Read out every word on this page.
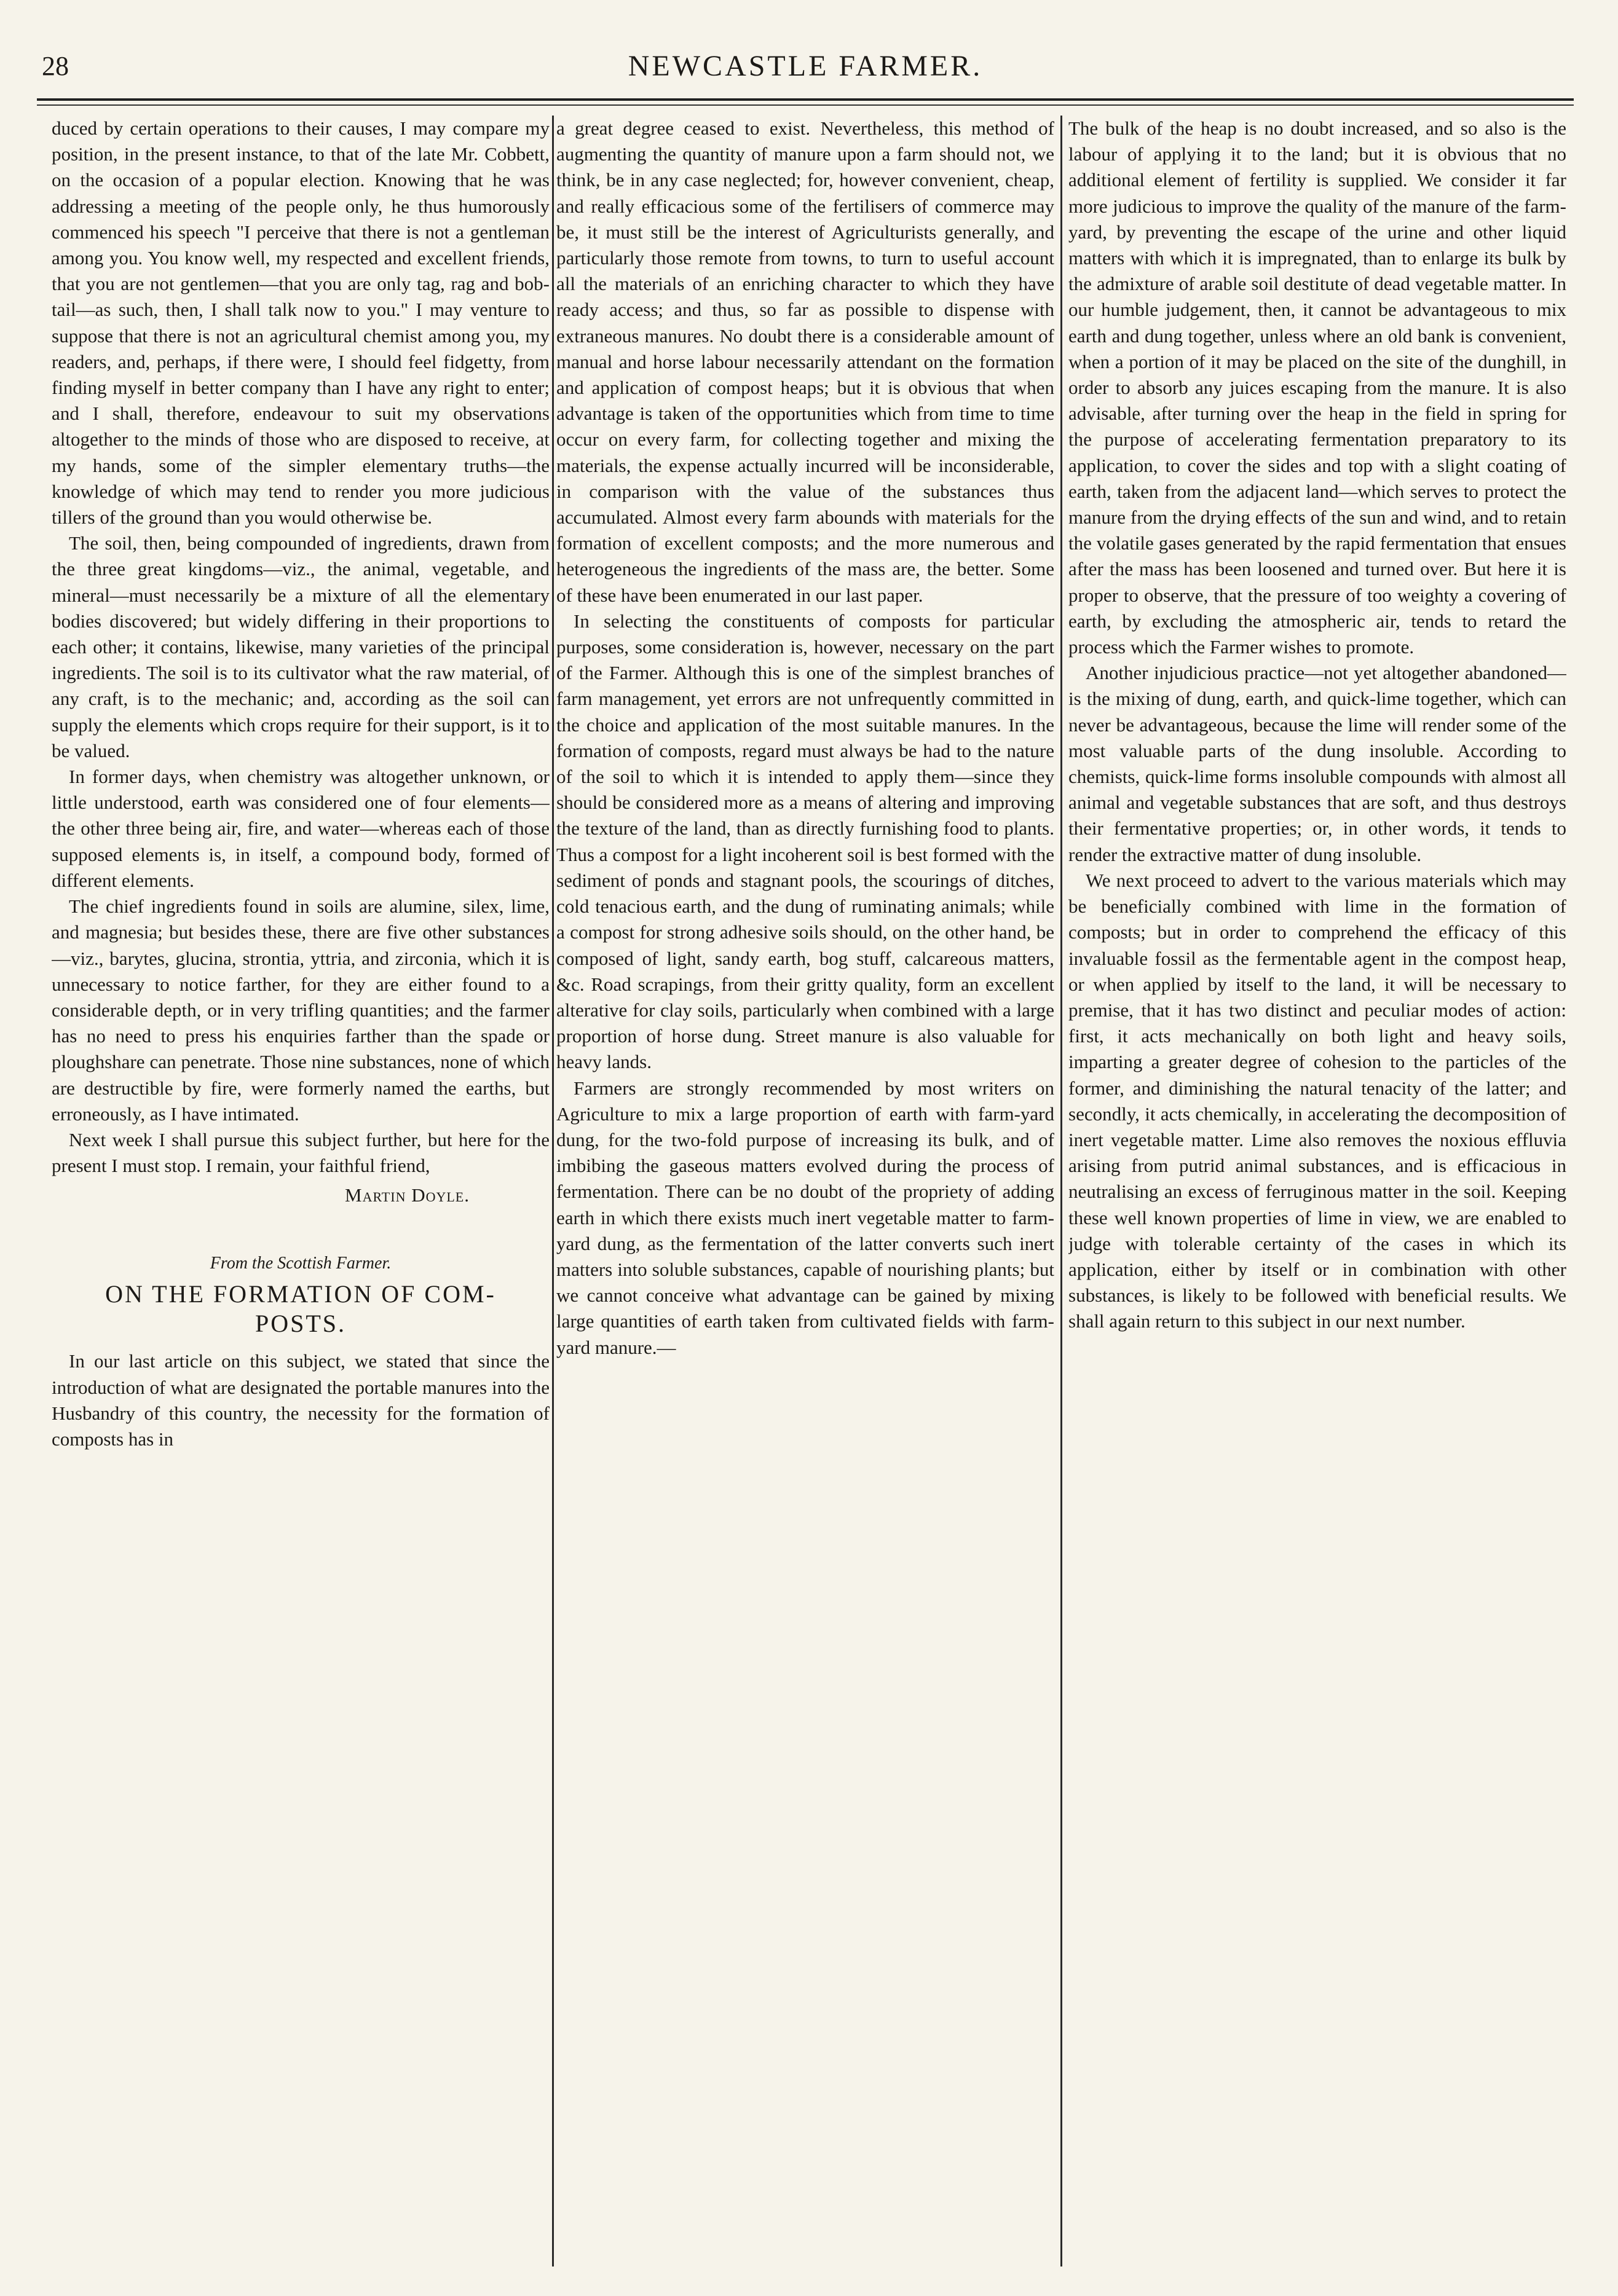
28	NEWCASTLE FARMER.

duced by certain operations to their causes, I may compare my position, in the present instance, to that of the late Mr. Cobbett, on the occasion of a popular election. Knowing that he was addressing a meeting of the people only, he thus humorously commenced his speech "I perceive that there is not a gentleman among you. You know well, my respected and excellent friends, that you are not gentlemen—that you are only tag, rag and bob-tail—as such, then, I shall talk now to you." I may venture to suppose that there is not an agricultural chemist among you, my readers, and, perhaps, if there were, I should feel fidgetty, from finding myself in better company than I have any right to enter; and I shall, therefore, endeavour to suit my observations altogether to the minds of those who are disposed to receive, at my hands, some of the simpler elementary truths—the knowledge of which may tend to render you more judicious tillers of the ground than you would otherwise be.

The soil, then, being compounded of ingredients, drawn from the three great kingdoms—viz., the animal, vegetable, and mineral—must necessarily be a mixture of all the elementary bodies discovered; but widely differing in their proportions to each other; it contains, likewise, many varieties of the principal ingredients. The soil is to its cultivator what the raw material, of any craft, is to the mechanic; and, according as the soil can supply the elements which crops require for their support, is it to be valued.

In former days, when chemistry was altogether unknown, or little understood, earth was considered one of four elements—the other three being air, fire, and water—whereas each of those supposed elements is, in itself, a compound body, formed of different elements.

The chief ingredients found in soils are alumine, silex, lime, and magnesia; but besides these, there are five other substances—viz., barytes, glucina, strontia, yttria, and zirconia, which it is unnecessary to notice farther, for they are either found to a considerable depth, or in very trifling quantities; and the farmer has no need to press his enquiries farther than the spade or ploughshare can penetrate. Those nine substances, none of which are destructible by fire, were formerly named the earths, but erroneously, as I have intimated.

Next week I shall pursue this subject further, but here for the present I must stop. I remain, your faithful friend,

Martin Doyle.
From the Scottish Farmer.
ON THE FORMATION OF COM-
POSTS.

In our last article on this subject, we stated that since the introduction of what are designated the portable manures into the Husbandry of this country, the necessity for the formation of composts has in

a great degree ceased to exist. Nevertheless, this method of augmenting the quantity of manure upon a farm should not, we think, be in any case neglected; for, however convenient, cheap, and really efficacious some of the fertilisers of commerce may be, it must still be the interest of Agriculturists generally, and particularly those remote from towns, to turn to useful account all the materials of an enriching character to which they have ready access; and thus, so far as possible to dispense with extraneous manures. No doubt there is a considerable amount of manual and horse labour necessarily attendant on the formation and application of compost heaps; but it is obvious that when advantage is taken of the opportunities which from time to time occur on every farm, for collecting together and mixing the materials, the expense actually incurred will be inconsiderable, in comparison with the value of the substances thus accumulated. Almost every farm abounds with materials for the formation of excellent composts; and the more numerous and heterogeneous the ingredients of the mass are, the better. Some of these have been enumerated in our last paper.

In selecting the constituents of composts for particular purposes, some consideration is, however, necessary on the part of the Farmer. Although this is one of the simplest branches of farm management, yet errors are not unfrequently committed in the choice and application of the most suitable manures. In the formation of composts, regard must always be had to the nature of the soil to which it is intended to apply them—since they should be considered more as a means of altering and improving the texture of the land, than as directly furnishing food to plants. Thus a compost for a light incoherent soil is best formed with the sediment of ponds and stagnant pools, the scourings of ditches, cold tenacious earth, and the dung of ruminating animals; while a compost for strong adhesive soils should, on the other hand, be composed of light, sandy earth, bog stuff, calcareous matters, &c. Road scrapings, from their gritty quality, form an excellent alterative for clay soils, particularly when combined with a large proportion of horse dung. Street manure is also valuable for heavy lands.

Farmers are strongly recommended by most writers on Agriculture to mix a large proportion of earth with farm-yard dung, for the two-fold purpose of increasing its bulk, and of imbibing the gaseous matters evolved during the process of fermentation. There can be no doubt of the propriety of adding earth in which there exists much inert vegetable matter to farm-yard dung, as the fermentation of the latter converts such inert matters into soluble substances, capable of nourishing plants; but we cannot conceive what advantage can be gained by mixing large quantities of earth taken from cultivated fields with farm-yard manure.—

The bulk of the heap is no doubt increased, and so also is the labour of applying it to the land; but it is obvious that no additional element of fertility is supplied. We consider it far more judicious to improve the quality of the manure of the farm-yard, by preventing the escape of the urine and other liquid matters with which it is impregnated, than to enlarge its bulk by the admixture of arable soil destitute of dead vegetable matter. In our humble judgement, then, it cannot be advantageous to mix earth and dung together, unless where an old bank is convenient, when a portion of it may be placed on the site of the dunghill, in order to absorb any juices escaping from the manure. It is also advisable, after turning over the heap in the field in spring for the purpose of accelerating fermentation preparatory to its application, to cover the sides and top with a slight coating of earth, taken from the adjacent land—which serves to protect the manure from the drying effects of the sun and wind, and to retain the volatile gases generated by the rapid fermentation that ensues after the mass has been loosened and turned over. But here it is proper to observe, that the pressure of too weighty a covering of earth, by excluding the atmospheric air, tends to retard the process which the Farmer wishes to promote.

Another injudicious practice—not yet altogether abandoned—is the mixing of dung, earth, and quick-lime together, which can never be advantageous, because the lime will render some of the most valuable parts of the dung insoluble. According to chemists, quick-lime forms insoluble compounds with almost all animal and vegetable substances that are soft, and thus destroys their fermentative properties; or, in other words, it tends to render the extractive matter of dung insoluble.

We next proceed to advert to the various materials which may be beneficially combined with lime in the formation of composts; but in order to comprehend the efficacy of this invaluable fossil as the fermentable agent in the compost heap, or when applied by itself to the land, it will be necessary to premise, that it has two distinct and peculiar modes of action: first, it acts mechanically on both light and heavy soils, imparting a greater degree of cohesion to the particles of the former, and diminishing the natural tenacity of the latter; and secondly, it acts chemically, in accelerating the decomposition of inert vegetable matter. Lime also removes the noxious effluvia arising from putrid animal substances, and is efficacious in neutralising an excess of ferruginous matter in the soil. Keeping these well known properties of lime in view, we are enabled to judge with tolerable certainty of the cases in which its application, either by itself or in combination with other substances, is likely to be followed with beneficial results. We shall again return to this subject in our next number.
